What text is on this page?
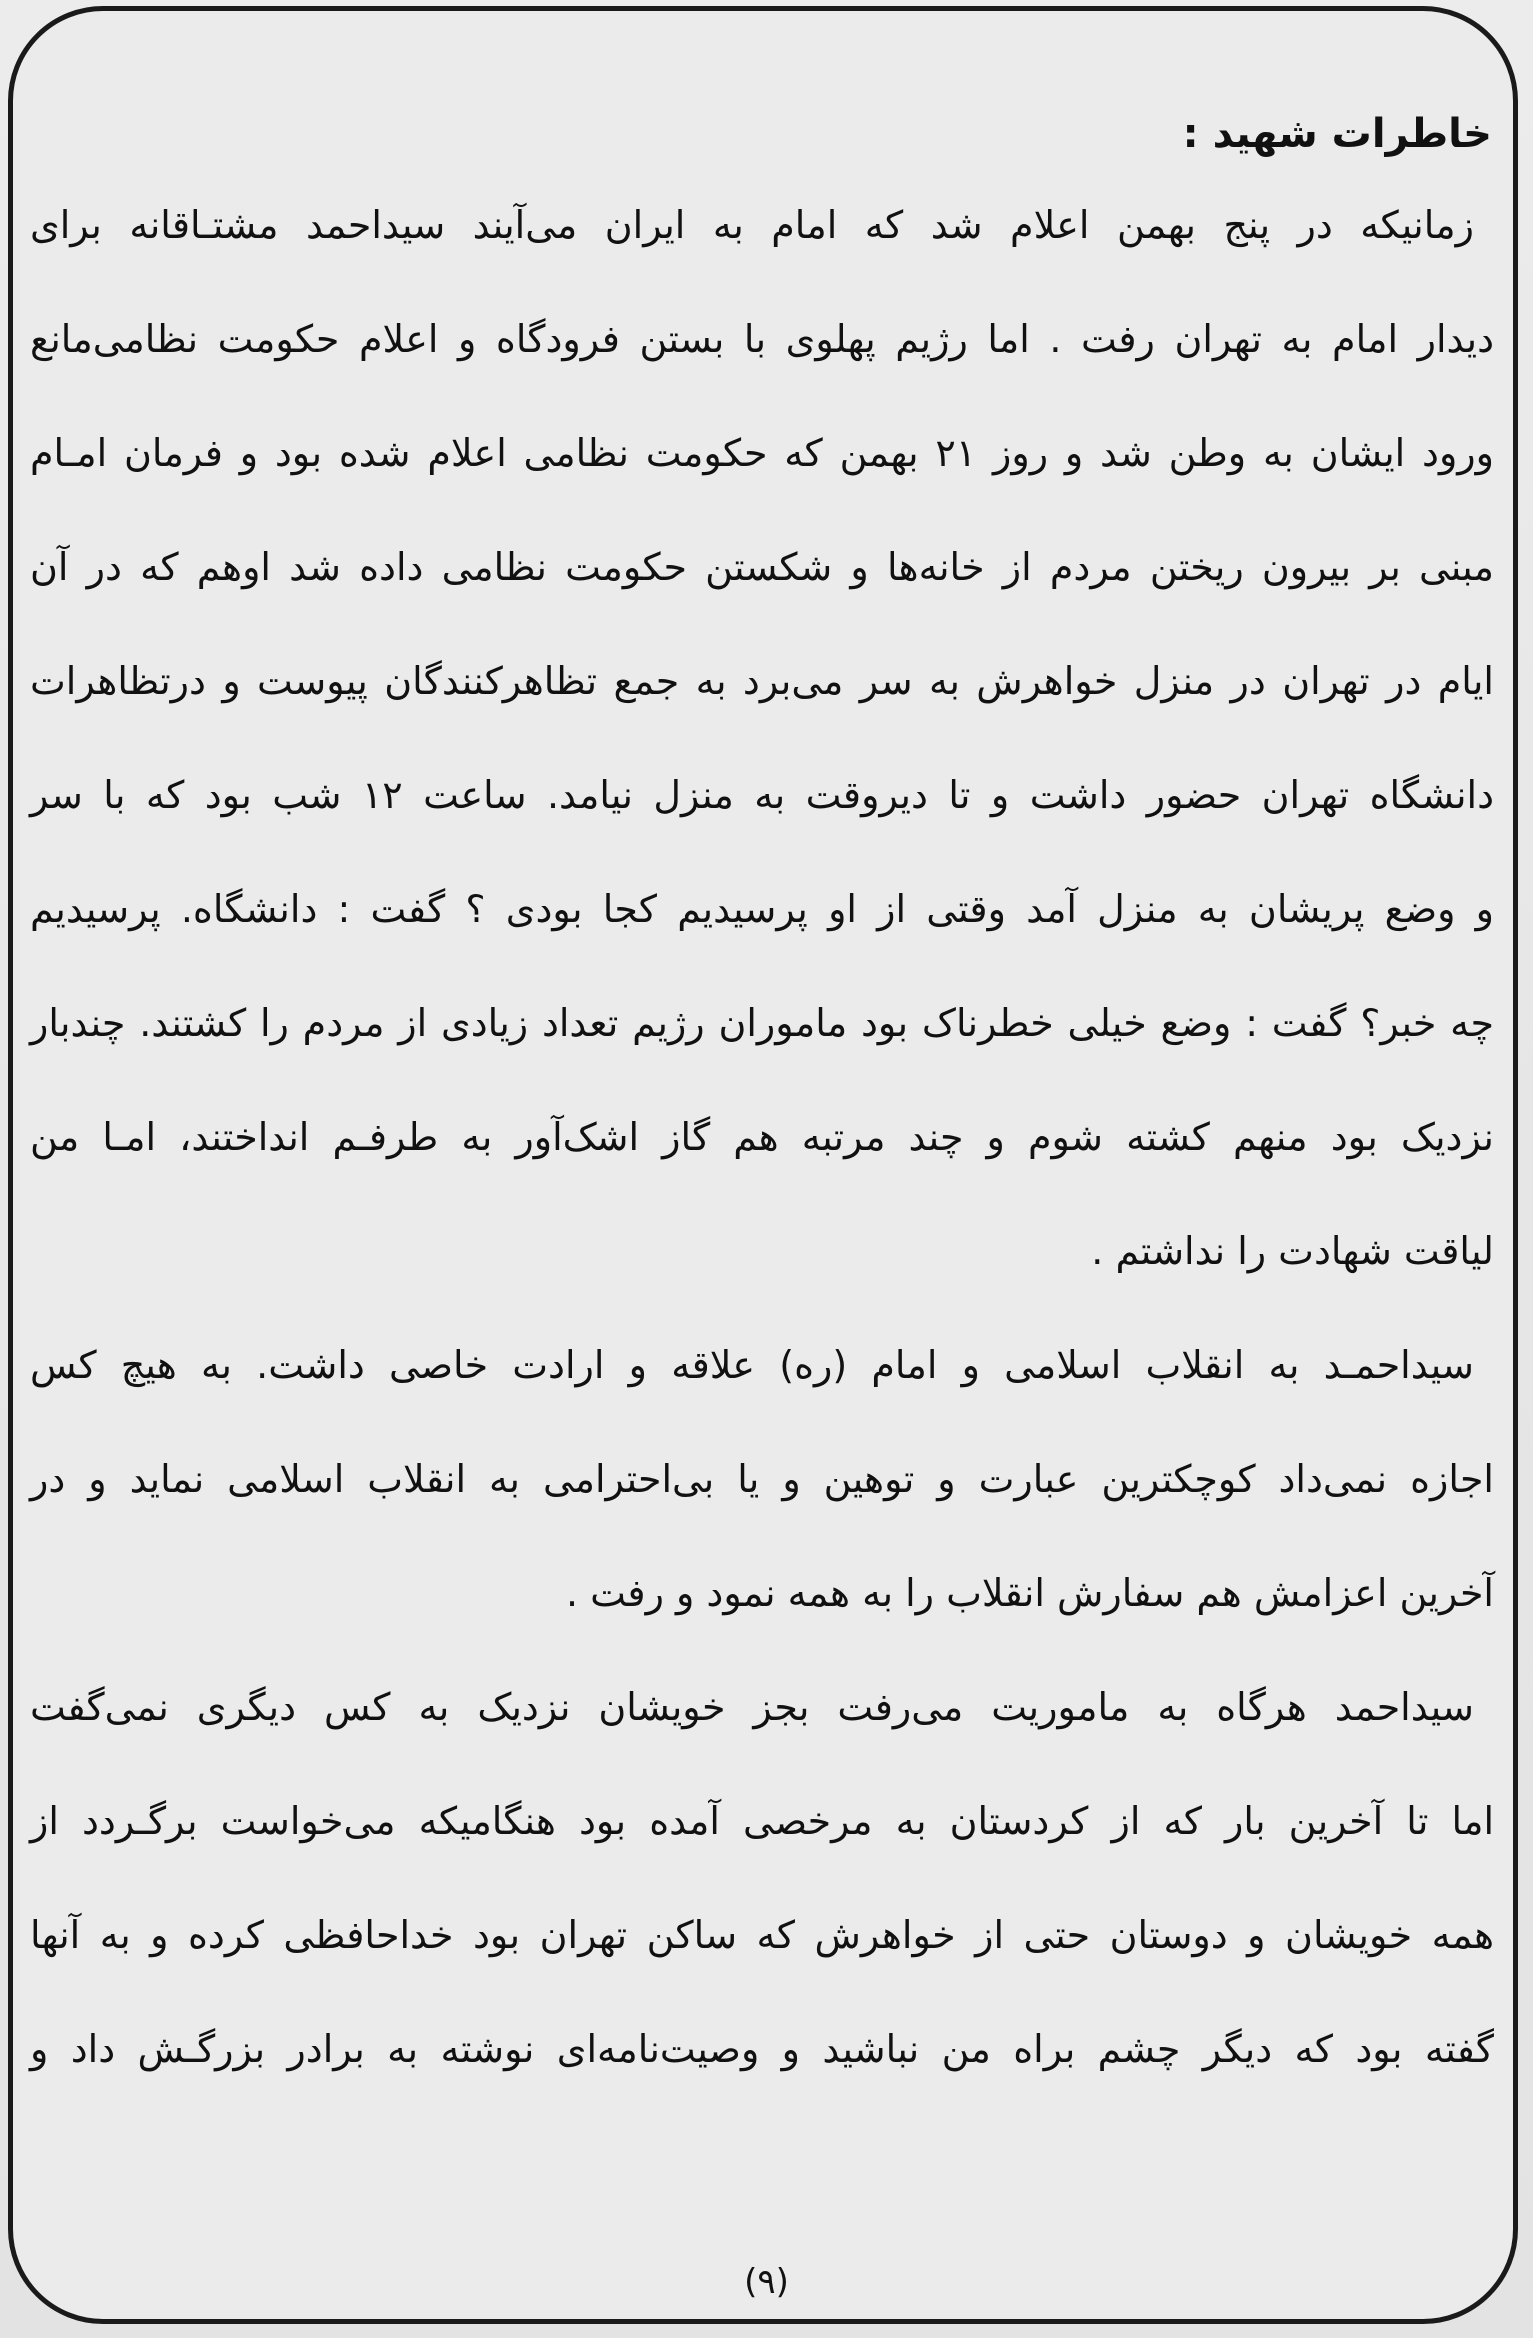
خاطرات شهید :

زمانیکه در پنج بهمن اعلام شد که امام به ایران می‌آیند سیداحمد مشتـاقانه برای

دیدار امام به تهران رفت . اما رژیم پهلوی با بستن فرودگاه و اعلام حکومت نظامی‌مانع

ورود ایشان به وطن شد و روز ۲۱ بهمن که حکومت نظامی اعلام شده بود و فرمان امـام

مبنی بر بیرون ریختن مردم از خانه‌ها و شکستن حکومت نظامی داده شد اوهم که در آن

ایام در تهران در منزل خواهرش به سر می‌برد به جمع تظاهرکنندگان پیوست و درتظاهرات

دانشگاه تهران حضور داشت و تا دیروقت به منزل نیامد. ساعت ۱۲ شب بود که با سر

و وضع پریشان به منزل آمد وقتی از او پرسیدیم کجا بودی ؟ گفت : دانشگاه. پرسیدیم

چه خبر؟ گفت : وضع خیلی خطرناک بود ماموران رژیم تعداد زیادی از مردم را کشتند. چندبار

نزدیک بود منهم کشته شوم و چند مرتبه هم گاز اشک‌آور به طرفـم انداختند، امـا من

لیاقت شهادت را نداشتم .

سیداحمـد به انقلاب اسلامی و امام (ره) علاقه و ارادت خاصی داشت. به هیچ کس

اجازه نمی‌داد کوچکترین عبارت و توهین و یا بی‌احترامی به انقلاب اسلامی نماید و در

آخرین اعزامش هم سفارش انقلاب را به همه نمود و رفت .

سیداحمد هرگاه به ماموریت می‌رفت بجز خویشان نزدیک به کس دیگری نمی‌گفت

اما تا آخرین بار که از کردستان به مرخصی آمده بود هنگامیکه می‌خواست برگـردد از

همه خویشان و دوستان حتی از خواهرش که ساکن تهران بود خداحافظی کرده و به آنها

گفته بود که دیگر چشم براه من نباشید و وصیت‌نامه‌ای نوشته به برادر بزرگـش داد و

(۹)
